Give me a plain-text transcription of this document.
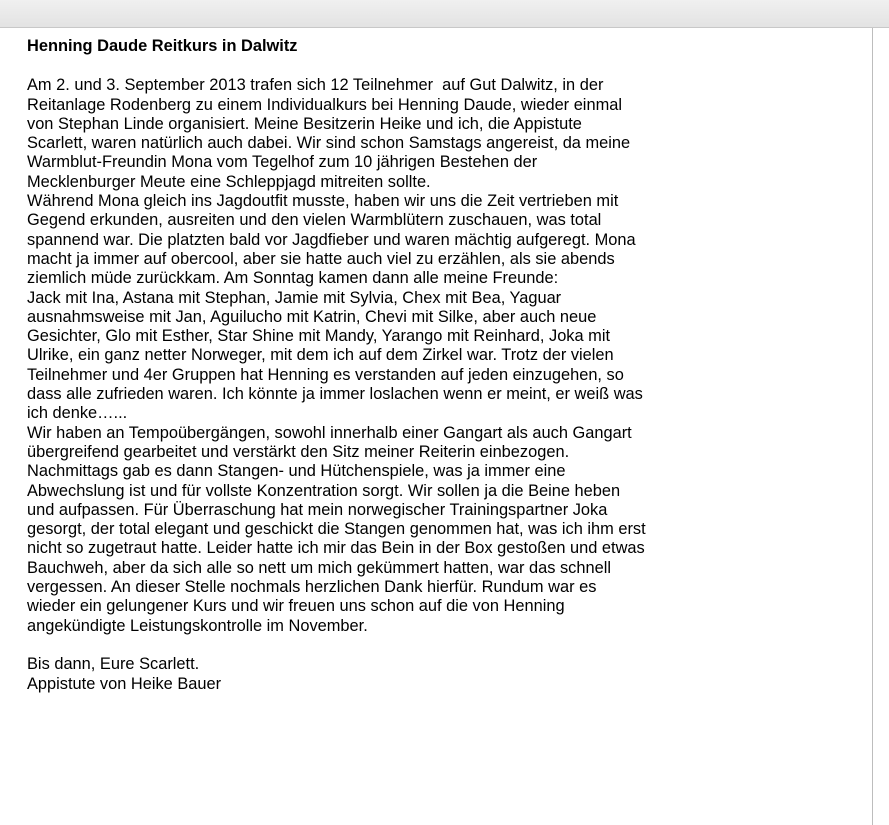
Henning Daude Reitkurs in Dalwitz
Am 2. und 3. September 2013 trafen sich 12 Teilnehmer  auf Gut Dalwitz, in der
Reitanlage Rodenberg zu einem Individualkurs bei Henning Daude, wieder einmal
von Stephan Linde organisiert. Meine Besitzerin Heike und ich, die Appistute
Scarlett, waren natürlich auch dabei. Wir sind schon Samstags angereist, da meine
Warmblut-Freundin Mona vom Tegelhof zum 10 jährigen Bestehen der
Mecklenburger Meute eine Schleppjagd mitreiten sollte.
Während Mona gleich ins Jagdoutfit musste, haben wir uns die Zeit vertrieben mit
Gegend erkunden, ausreiten und den vielen Warmblütern zuschauen, was total
spannend war. Die platzten bald vor Jagdfieber und waren mächtig aufgeregt. Mona
macht ja immer auf obercool, aber sie hatte auch viel zu erzählen, als sie abends
ziemlich müde zurückkam. Am Sonntag kamen dann alle meine Freunde:
Jack mit Ina, Astana mit Stephan, Jamie mit Sylvia, Chex mit Bea, Yaguar
ausnahmsweise mit Jan, Aguilucho mit Katrin, Chevi mit Silke, aber auch neue
Gesichter, Glo mit Esther, Star Shine mit Mandy, Yarango mit Reinhard, Joka mit
Ulrike, ein ganz netter Norweger, mit dem ich auf dem Zirkel war. Trotz der vielen
Teilnehmer und 4er Gruppen hat Henning es verstanden auf jeden einzugehen, so
dass alle zufrieden waren. Ich könnte ja immer loslachen wenn er meint, er weiß was
ich denke…...
Wir haben an Tempoübergängen, sowohl innerhalb einer Gangart als auch Gangart
übergreifend gearbeitet und verstärkt den Sitz meiner Reiterin einbezogen.
Nachmittags gab es dann Stangen- und Hütchenspiele, was ja immer eine
Abwechslung ist und für vollste Konzentration sorgt. Wir sollen ja die Beine heben
und aufpassen. Für Überraschung hat mein norwegischer Trainingspartner Joka
gesorgt, der total elegant und geschickt die Stangen genommen hat, was ich ihm erst
nicht so zugetraut hatte. Leider hatte ich mir das Bein in der Box gestoßen und etwas
Bauchweh, aber da sich alle so nett um mich gekümmert hatten, war das schnell
vergessen. An dieser Stelle nochmals herzlichen Dank hierfür. Rundum war es
wieder ein gelungener Kurs und wir freuen uns schon auf die von Henning
angekündigte Leistungskontrolle im November.
Bis dann, Eure Scarlett.
Appistute von Heike Bauer
